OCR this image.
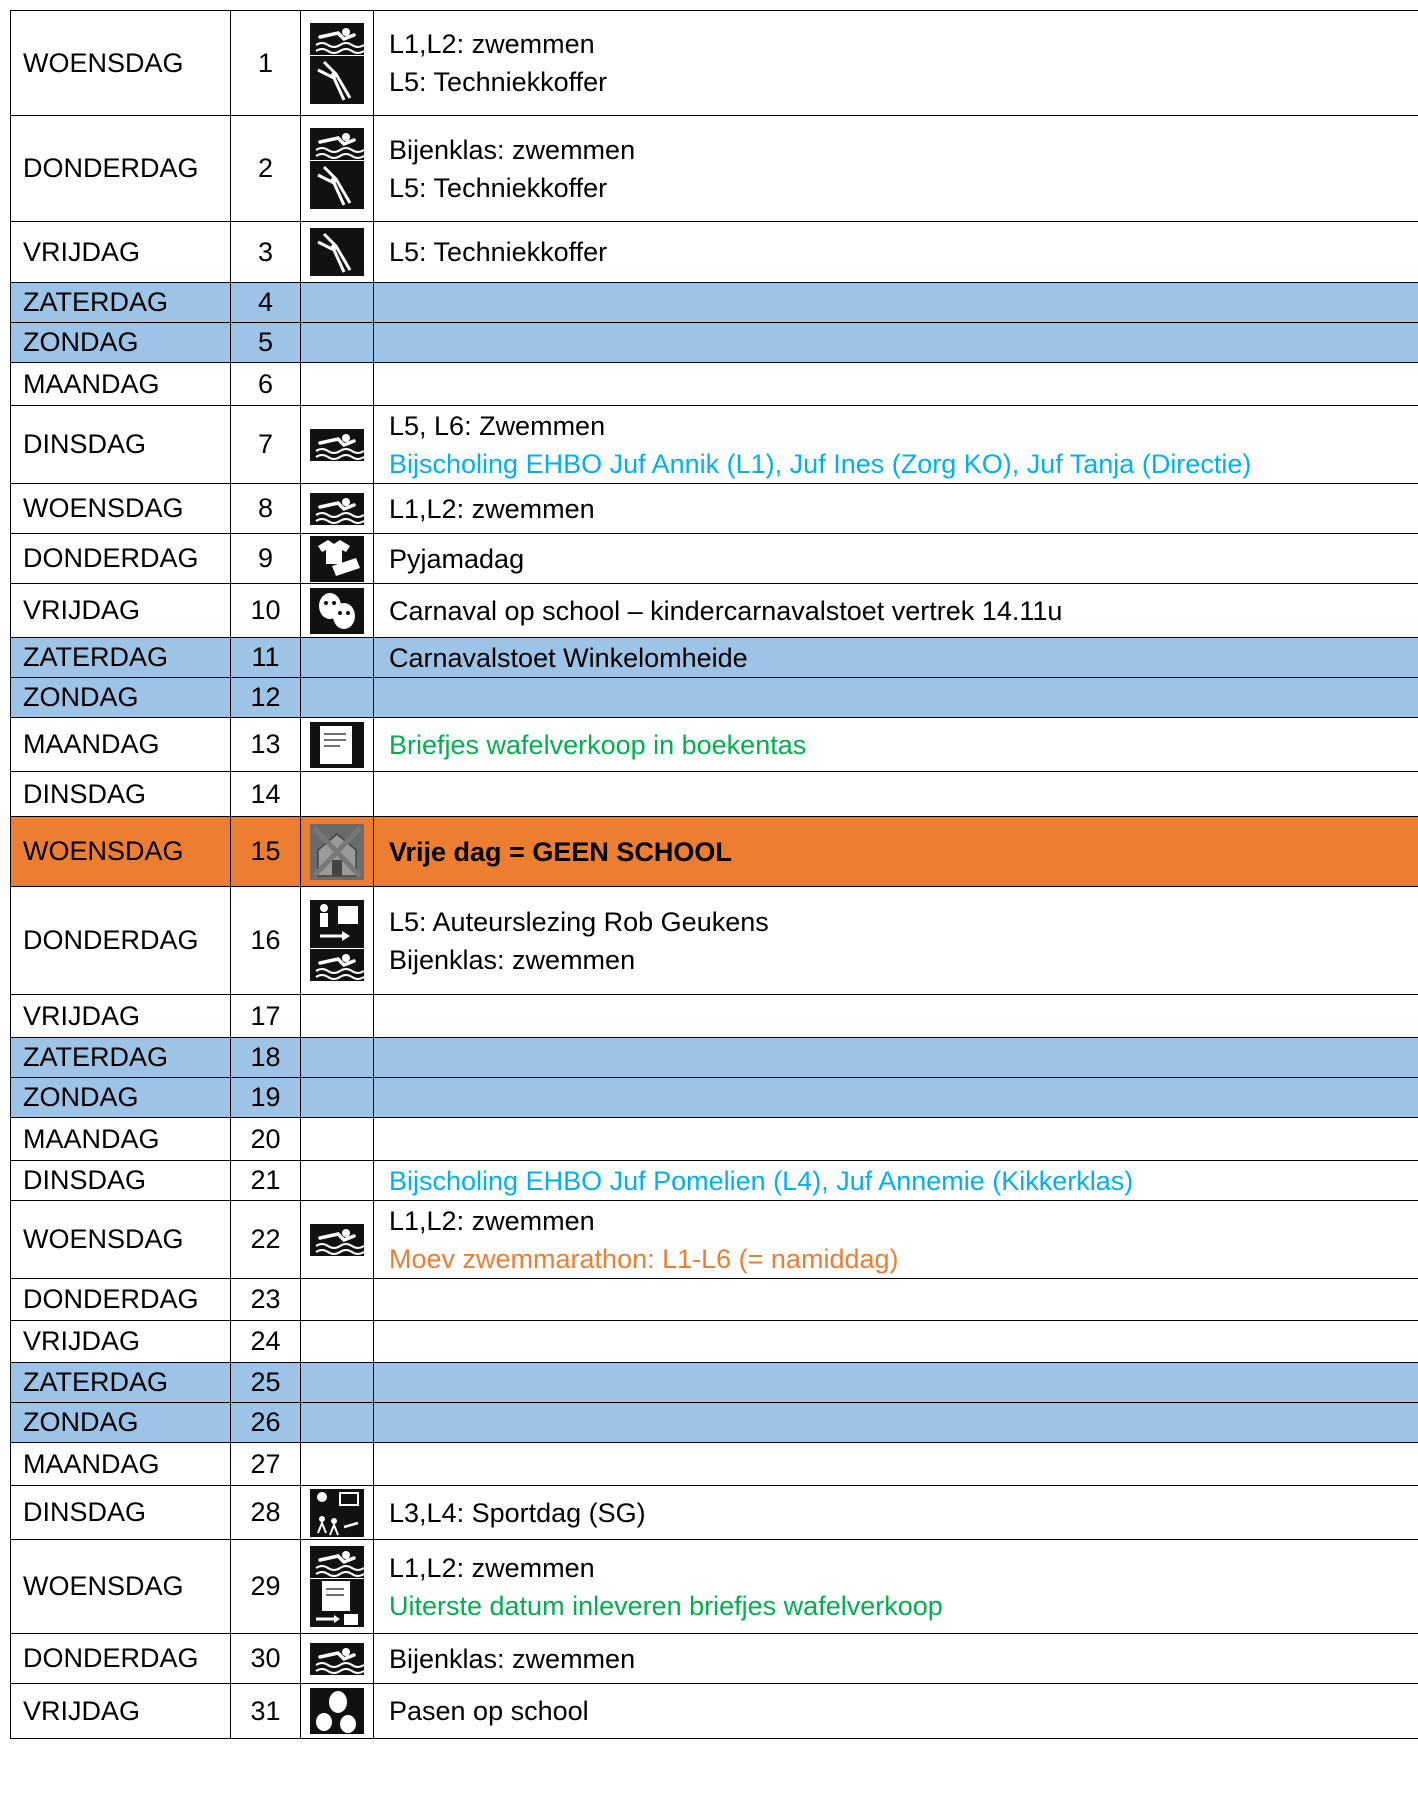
WOENSDAG	1
L1,L2: zwemmen
L5: Techniekkoffer
DONDERDAG	2
Bijenklas: zwemmen
L5: Techniekkoffer
VRIJDAG	3	L5: Techniekkoffer
ZATERDAG	4
ZONDAG	5
MAANDAG	6
DINSDAG	7
L5, L6: Zwemmen
Bijscholing EHBO Juf Annik (L1), Juf Ines (Zorg KO), Juf Tanja (Directie)
WOENSDAG	8	L1,L2: zwemmen
DONDERDAG	9	Pyjamadag
VRIJDAG	10	Carnaval op school – kindercarnavalstoet vertrek 14.11u
ZATERDAG	11	Carnavalstoet Winkelomheide
ZONDAG	12
MAANDAG	13	Briefjes wafelverkoop in boekentas
DINSDAG	14
WOENSDAG	15	Vrije dag = GEEN SCHOOL
DONDERDAG	16
L5: Auteurslezing Rob Geukens
Bijenklas: zwemmen
VRIJDAG	17
ZATERDAG	18
ZONDAG	19
MAANDAG	20
DINSDAG	21	Bijscholing EHBO Juf Pomelien (L4), Juf Annemie (Kikkerklas)
WOENSDAG	22
L1,L2: zwemmen
Moev zwemmarathon: L1-L6 (= namiddag)
DONDERDAG	23
VRIJDAG	24
ZATERDAG	25
ZONDAG	26
MAANDAG	27
DINSDAG	28	L3,L4: Sportdag (SG)
WOENSDAG	29
L1,L2: zwemmen
Uiterste datum inleveren briefjes wafelverkoop
DONDERDAG	30	Bijenklas: zwemmen
VRIJDAG	31	Pasen op school
